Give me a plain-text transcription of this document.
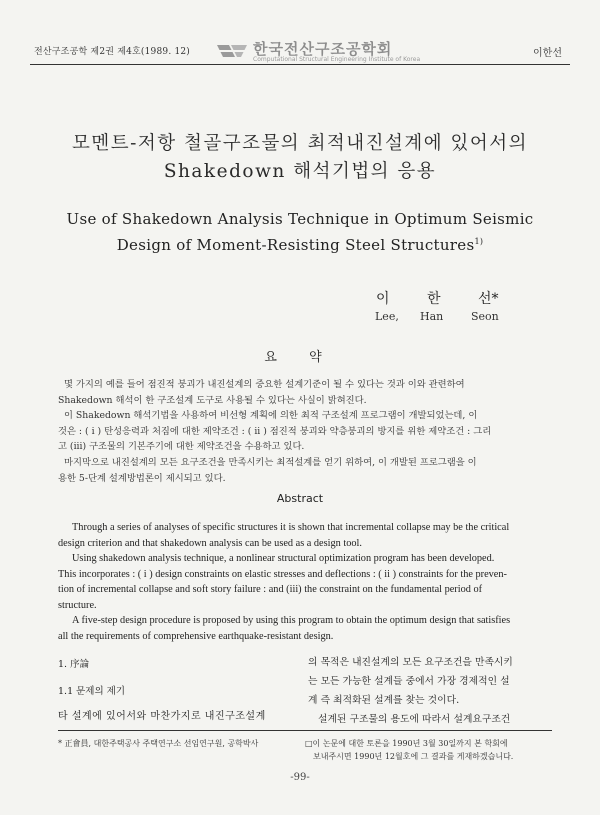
전산구조공학 제2권 제4호(1989. 12)	한국전산구조공학회
Computational Structural Engineering Institute of Korea
이한선
모멘트-저항 철골구조물의 최적내진설계에 있어서의
Shakedown 해석기법의 응용
Use of Shakedown Analysis Technique in Optimum Seismic
Design of Moment-Resisting Steel Structures$^{1)}$
이	한	선*
Lee, Han	Seon
요 약
몇 가지의 예를 들어 점진적 붕괴가 내진설계의 중요한 설계기준이 될 수 있다는 것과 이와 관련하여
Shakedown 해석이 한 구조설계 도구로 사용될 수 있다는 사실이 밝혀진다.
이 Shakedown 해석기법을 사용하여 비선형 계획에 의한 최적 구조설계 프로그램이 개발되었는데, 이
것은 : ( i ) 탄성응력과 처짐에 대한 제약조건 : ( ii ) 점진적 붕괴와 약층붕괴의 방지를 위한 제약조건 : 그리
고 (iii) 구조물의 기본주기에 대한 제약조건을 수용하고 있다.
마지막으로 내진설계의 모든 요구조건을 만족시키는 최적설계를 얻기 위하여, 이 개발된 프로그램을 이
용한 5-단계 설계방법론이 제시되고 있다.
Abstract
Through a series of analyses of specific structures it is shown that incremental collapse may be the critical
design criterion and that shakedown analysis can be used as a design tool.
Using shakedown analysis technique, a nonlinear structural optimization program has been developed.
This incorporates : ( i ) design constraints on elastic stresses and deflections : ( ii ) constraints for the preven-
tion of incremental collapse and soft story failure : and (iii) the constraint on the fundamental period of
structure.
A five-step design procedure is proposed by using this program to obtain the optimum design that satisfies
all the requirements of comprehensive earthquake-resistant design.
1. 序論
1.1 문제의 제기
타 설계에 있어서와 마찬가지로 내진구조설계
의 목적은 내진설계의 모든 요구조건을 만족시키
는 모든 가능한 설계들 중에서 가장 경제적인 설
계 즉 최적화된 설계를 찾는 것이다.
설계된 구조물의 용도에 따라서 설계요구조건
* 正會員, 대한주택공사 주택연구소 선임연구원, 공학박사	□이 논문에 대한 토론을 1990년 3월 30일까지 본 학회에
보내주시면 1990년 12월호에 그 결과를 게재하겠습니다.
-99-
